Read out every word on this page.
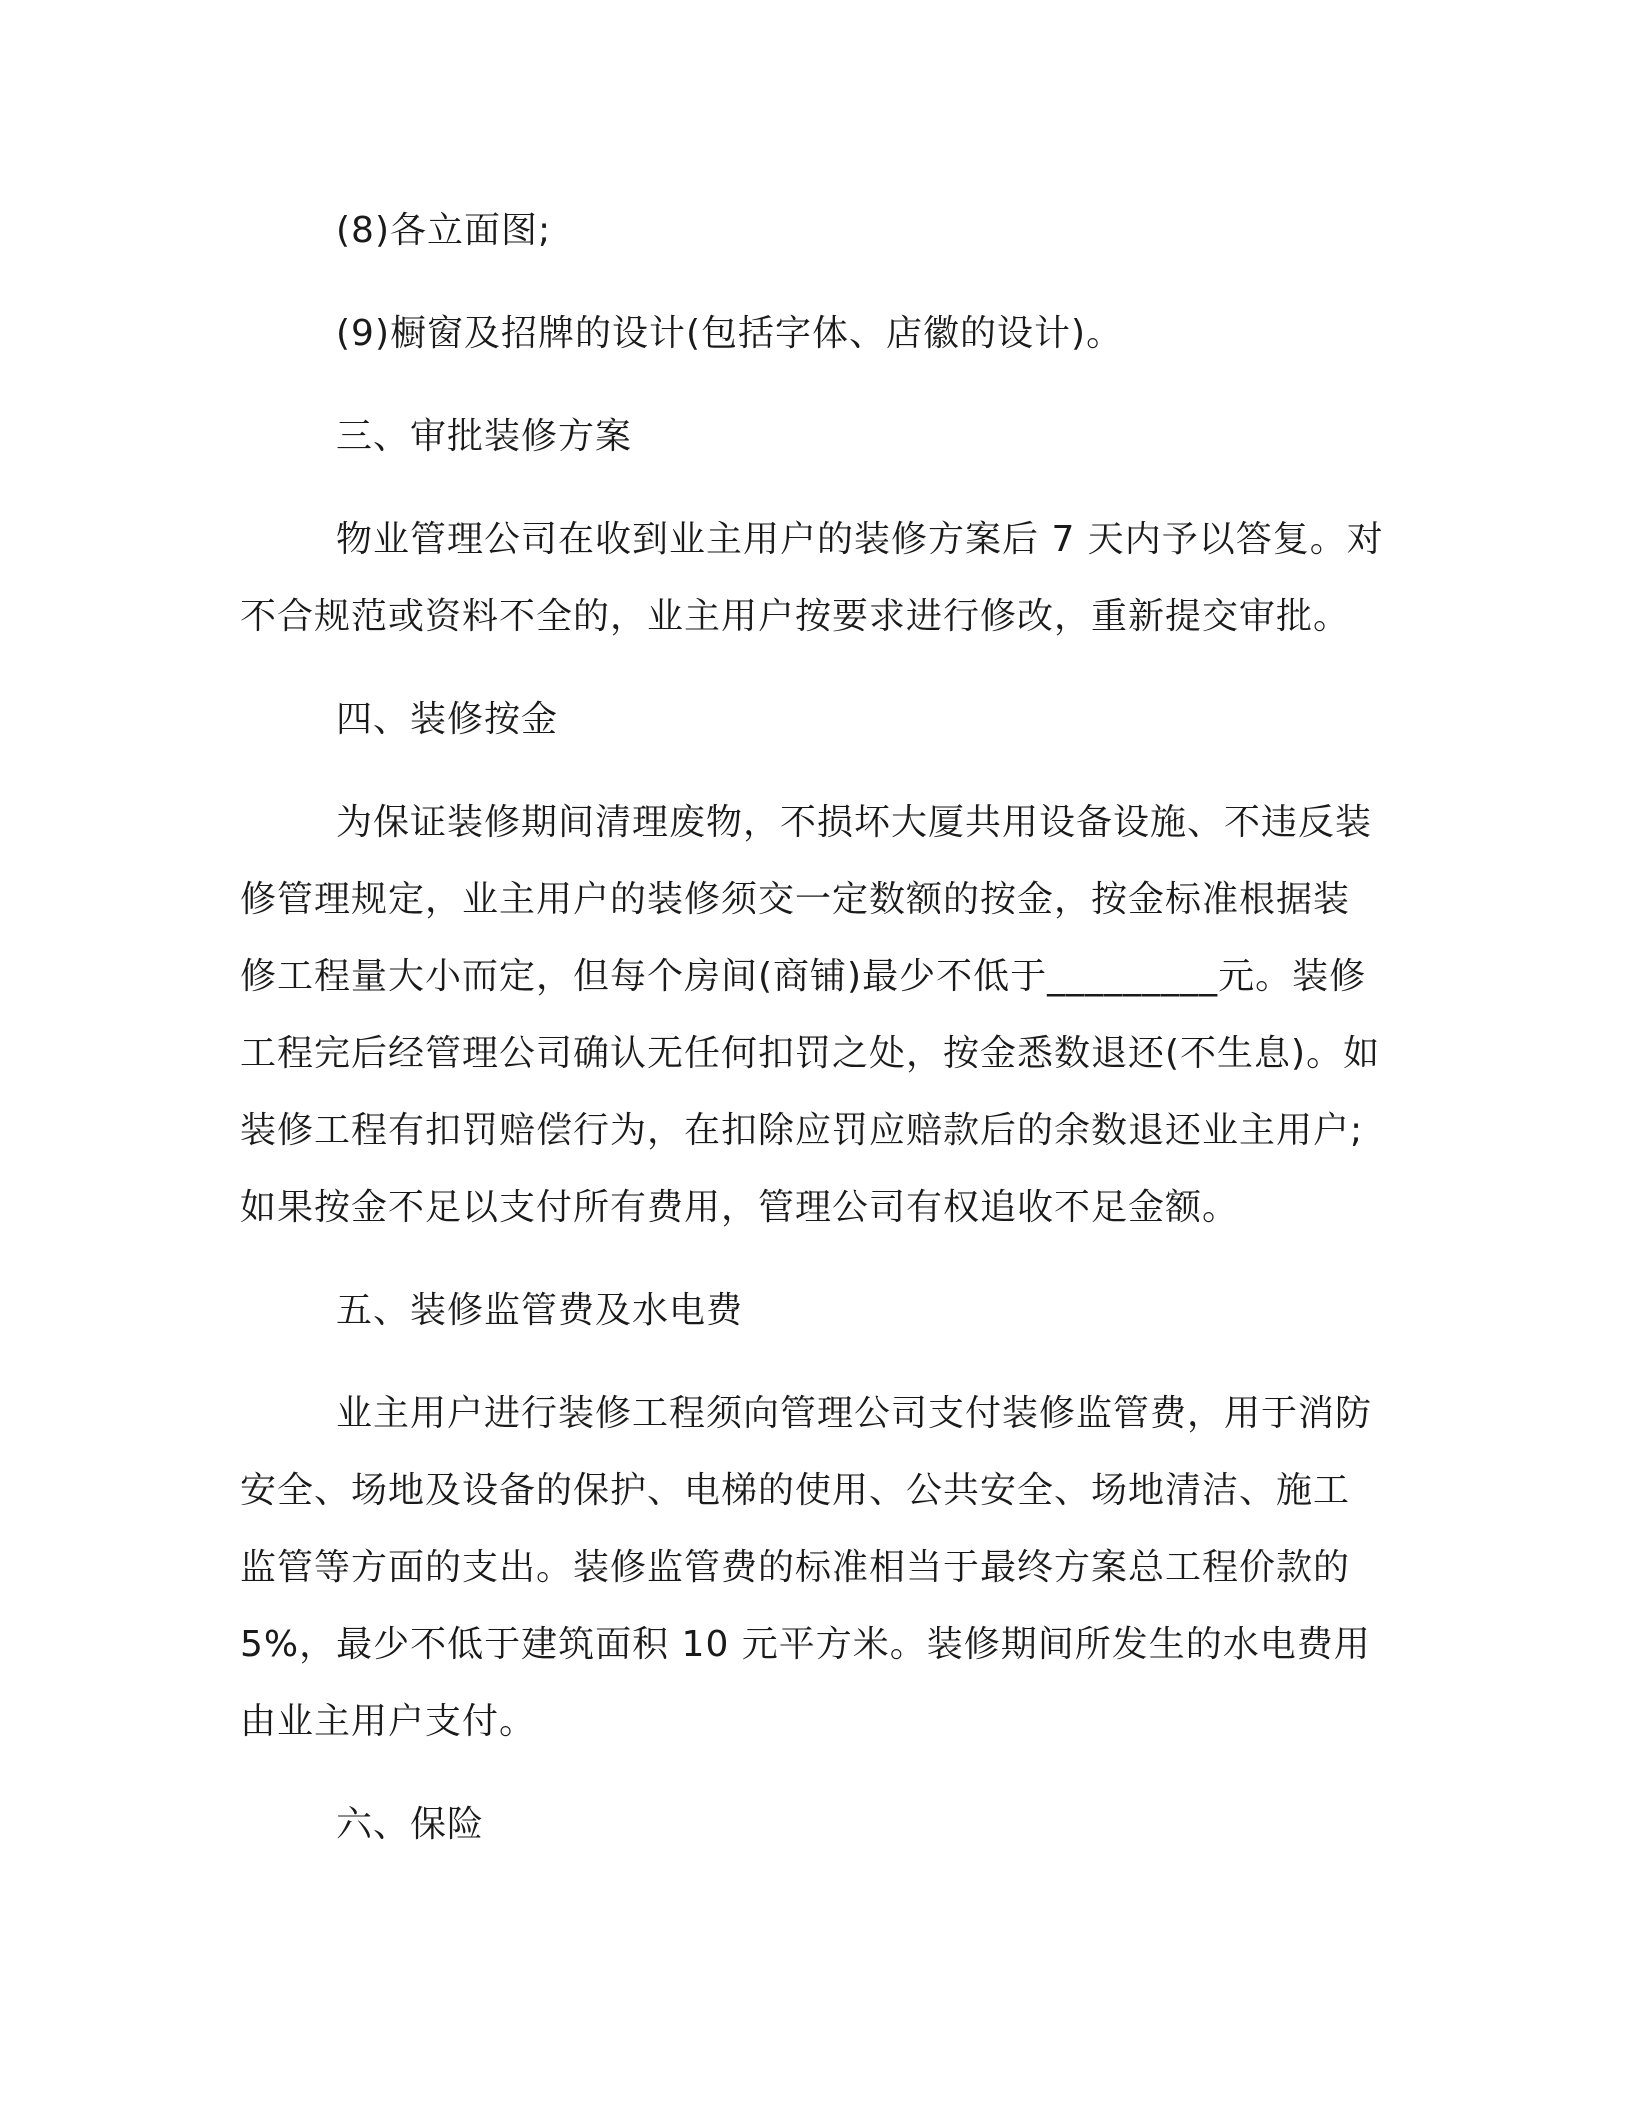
(8)各立面图;

(9)橱窗及招牌的设计(包括字体、店徽的设计)。

三、审批装修方案

物业管理公司在收到业主用户的装修方案后 7 天内予以答复。对
不合规范或资料不全的，业主用户按要求进行修改，重新提交审批。

四、装修按金

为保证装修期间清理废物，不损坏大厦共用设备设施、不违反装
修管理规定，业主用户的装修须交一定数额的按金，按金标准根据装
修工程量大小而定，但每个房间(商铺)最少不低于_________元。装修
工程完后经管理公司确认无任何扣罚之处，按金悉数退还(不生息)。如
装修工程有扣罚赔偿行为，在扣除应罚应赔款后的余数退还业主用户;
如果按金不足以支付所有费用，管理公司有权追收不足金额。

五、装修监管费及水电费

业主用户进行装修工程须向管理公司支付装修监管费，用于消防
安全、场地及设备的保护、电梯的使用、公共安全、场地清洁、施工
监管等方面的支出。装修监管费的标准相当于最终方案总工程价款的
5%，最少不低于建筑面积 10 元平方米。装修期间所发生的水电费用
由业主用户支付。

六、保险
